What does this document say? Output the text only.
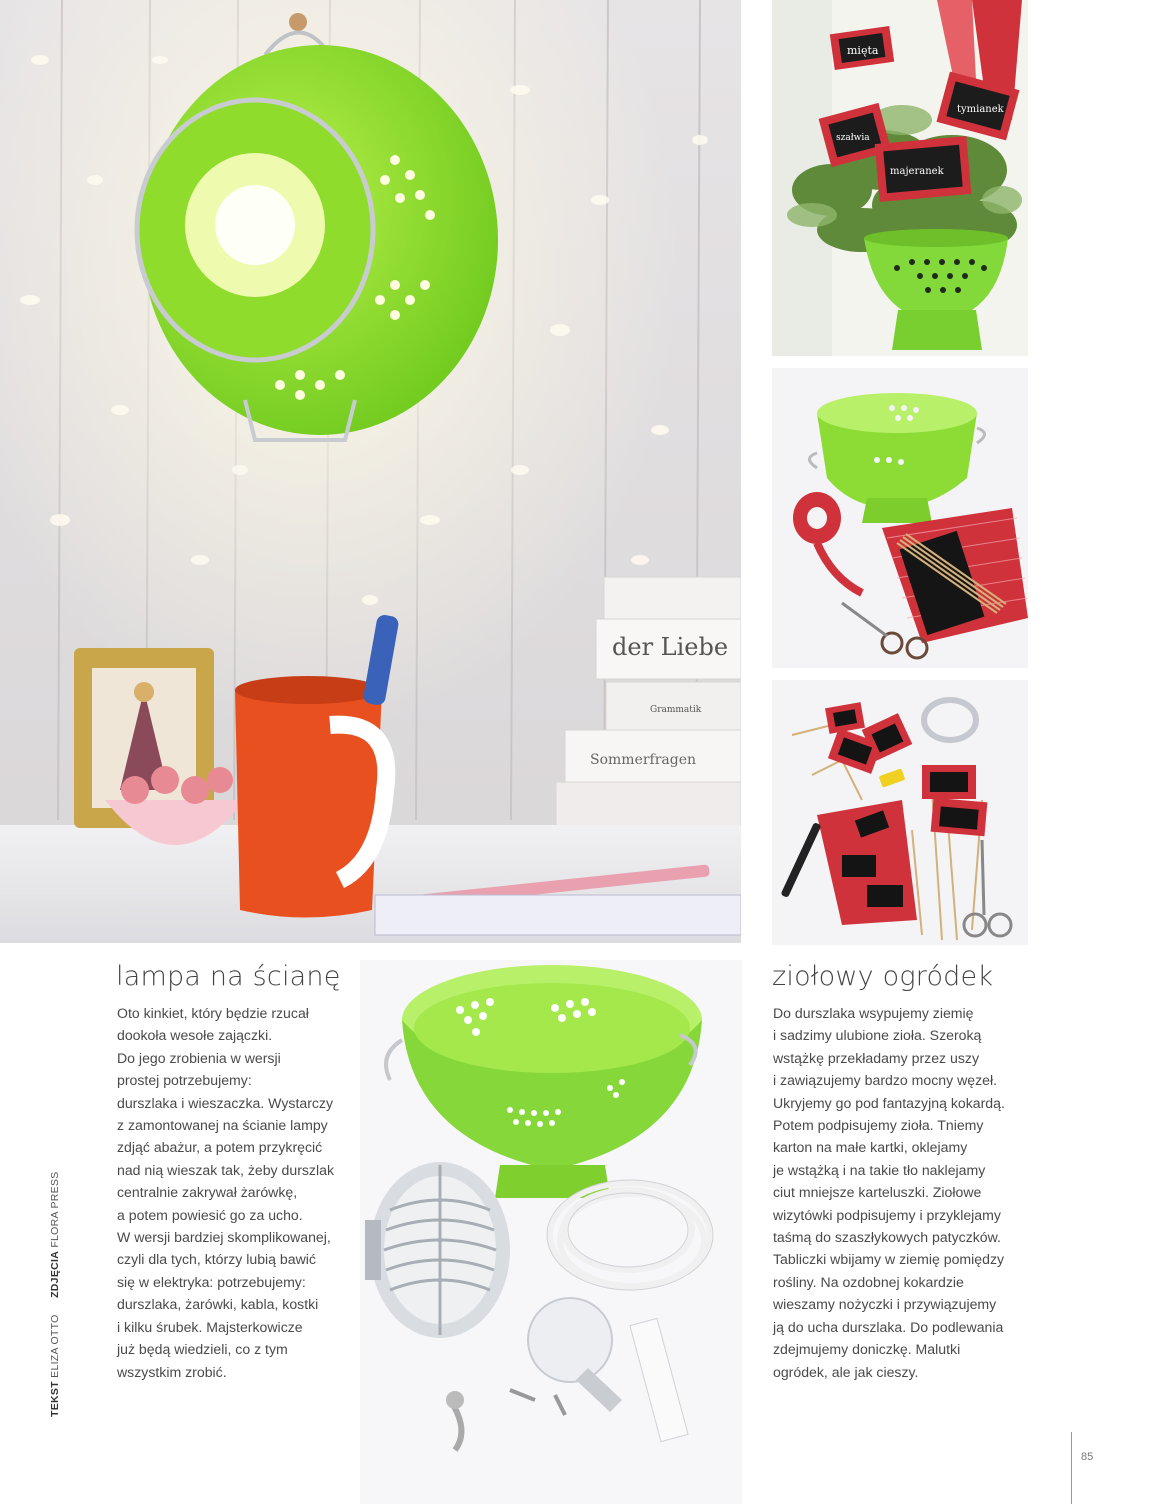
der Liebe
Grammatik
Sommerfragen
mięta
tymianek
szałwia
majeranek
lampa na ścianę
Oto kinkiet, który będzie rzucał
dookoła wesołe zajączki.
Do jego zrobienia w wersji
prostej potrzebujemy:
durszlaka i wieszaczka. Wystarczy
z zamontowanej na ścianie lampy
zdjąć abażur, a potem przykręcić
nad nią wieszak tak, żeby durszlak
centralnie zakrywał żarówkę,
a potem powiesić go za ucho.
W wersji bardziej skomplikowanej,
czyli dla tych, którzy lubią bawić
się w elektryka: potrzebujemy:
durszlaka, żarówki, kabla, kostki
i kilku śrubek. Majsterkowicze
już będą wiedzieli, co z tym
wszystkim zrobić.
ziołowy ogródek
Do durszlaka wsypujemy ziemię
i sadzimy ulubione zioła. Szeroką
wstążkę przekładamy przez uszy
i zawiązujemy bardzo mocny węzeł.
Ukryjemy go pod fantazyjną kokardą.
Potem podpisujemy zioła. Tniemy
karton na małe kartki, oklejamy
je wstążką i na takie tło naklejamy
ciut mniejsze karteluszki. Ziołowe
wizytówki podpisujemy i przyklejamy
taśmą do szaszłykowych patyczków.
Tabliczki wbijamy w ziemię pomiędzy
rośliny. Na ozdobnej kokardzie
wieszamy nożyczki i przywiązujemy
ją do ucha durszlaka. Do podlewania
zdejmujemy doniczkę. Malutki
ogródek, ale jak cieszy.
TEKST ELIZA OTTO  ZDJĘCIA FLORA PRESS
85
